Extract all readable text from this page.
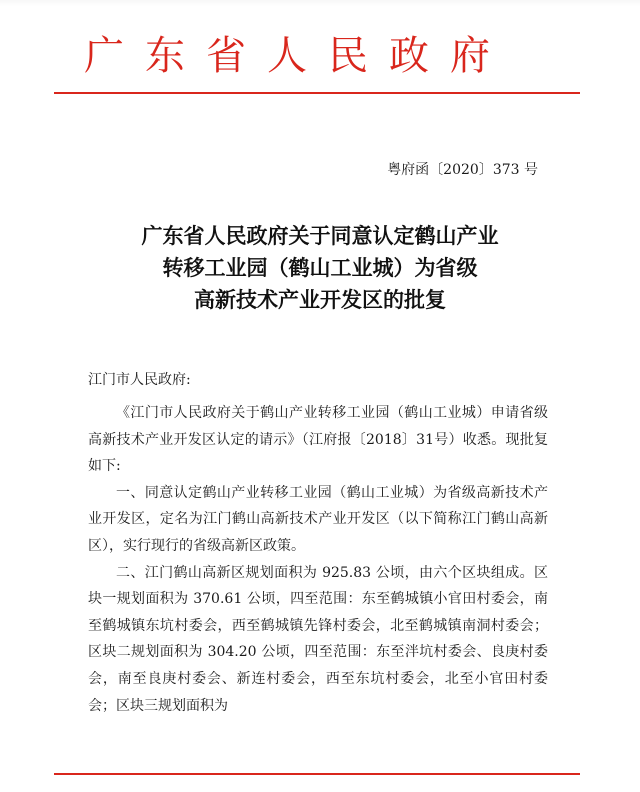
广东省人民政府
粤府函〔2020〕373 号
广东省人民政府关于同意认定鹤山产业
转移工业园（鹤山工业城）为省级
高新技术产业开发区的批复
江门市人民政府:

《江门市人民政府关于鹤山产业转移工业园（鹤山工业城）申请省级高新技术产业开发区认定的请示》（江府报〔2018〕31号）收悉。现批复如下:

一、同意认定鹤山产业转移工业园（鹤山工业城）为省级高新技术产业开发区，定名为江门鹤山高新技术产业开发区（以下简称江门鹤山高新区），实行现行的省级高新区政策。

二、江门鹤山高新区规划面积为 925.83 公顷，由六个区块组成。区块一规划面积为 370.61 公顷，四至范围：东至鹤城镇小官田村委会，南至鹤城镇东坑村委会，西至鹤城镇先锋村委会，北至鹤城镇南洞村委会；区块二规划面积为 304.20 公顷，四至范围：东至泮坑村委会、良庚村委会，南至良庚村委会、新连村委会，西至东坑村委会，北至小官田村委会；区块三规划面积为
